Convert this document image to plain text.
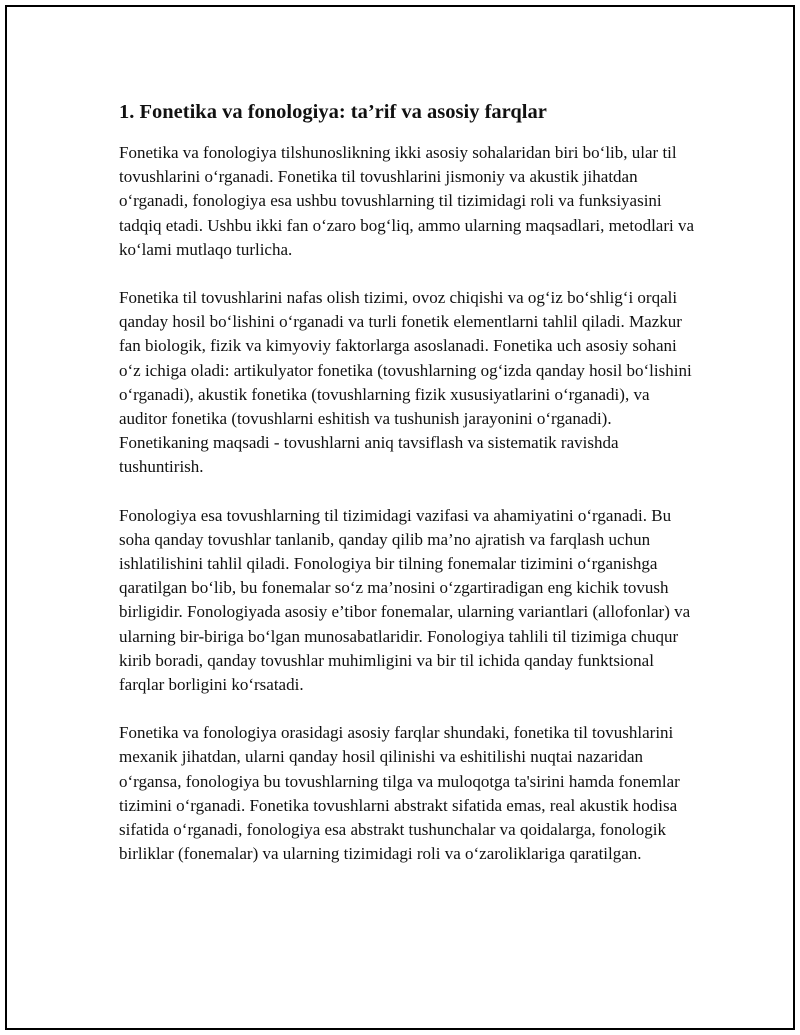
1. Fonetika va fonologiya: ta’rif va asosiy farqlar

Fonetika va fonologiya tilshunoslikning ikki asosiy sohalaridan biri bo‘lib, ular til tovushlarini o‘rganadi. Fonetika til tovushlarini jismoniy va akustik jihatdan o‘rganadi, fonologiya esa ushbu tovushlarning til tizimidagi roli va funksiyasini tadqiq etadi. Ushbu ikki fan o‘zaro bog‘liq, ammo ularning maqsadlari, metodlari va ko‘lami mutlaqo turlicha.

Fonetika til tovushlarini nafas olish tizimi, ovoz chiqishi va og‘iz bo‘shlig‘i orqali qanday hosil bo‘lishini o‘rganadi va turli fonetik elementlarni tahlil qiladi. Mazkur fan biologik, fizik va kimyoviy faktorlarga asoslanadi. Fonetika uch asosiy sohani o‘z ichiga oladi: artikulyator fonetika (tovushlarning og‘izda qanday hosil bo‘lishini o‘rganadi), akustik fonetika (tovushlarning fizik xususiyatlarini o‘rganadi), va auditor fonetika (tovushlarni eshitish va tushunish jarayonini o‘rganadi). Fonetikaning maqsadi - tovushlarni aniq tavsiflash va sistematik ravishda tushuntirish.

Fonologiya esa tovushlarning til tizimidagi vazifasi va ahamiyatini o‘rganadi. Bu soha qanday tovushlar tanlanib, qanday qilib ma’no ajratish va farqlash uchun ishlatilishini tahlil qiladi. Fonologiya bir tilning fonemalar tizimini o‘rganishga qaratilgan bo‘lib, bu fonemalar so‘z ma’nosini o‘zgartiradigan eng kichik tovush birligidir. Fonologiyada asosiy e’tibor fonemalar, ularning variantlari (allofonlar) va ularning bir-biriga bo‘lgan munosabatlaridir. Fonologiya tahlili til tizimiga chuqur kirib boradi, qanday tovushlar muhimligini va bir til ichida qanday funktsional farqlar borligini ko‘rsatadi.

Fonetika va fonologiya orasidagi asosiy farqlar shundaki, fonetika til tovushlarini mexanik jihatdan, ularni qanday hosil qilinishi va eshitilishi nuqtai nazaridan o‘rgansa, fonologiya bu tovushlarning tilga va muloqotga ta'sirini hamda fonemlar tizimini o‘rganadi. Fonetika tovushlarni abstrakt sifatida emas, real akustik hodisa sifatida o‘rganadi, fonologiya esa abstrakt tushunchalar va qoidalarga, fonologik birliklar (fonemalar) va ularning tizimidagi roli va o‘zaroliklariga qaratilgan.
